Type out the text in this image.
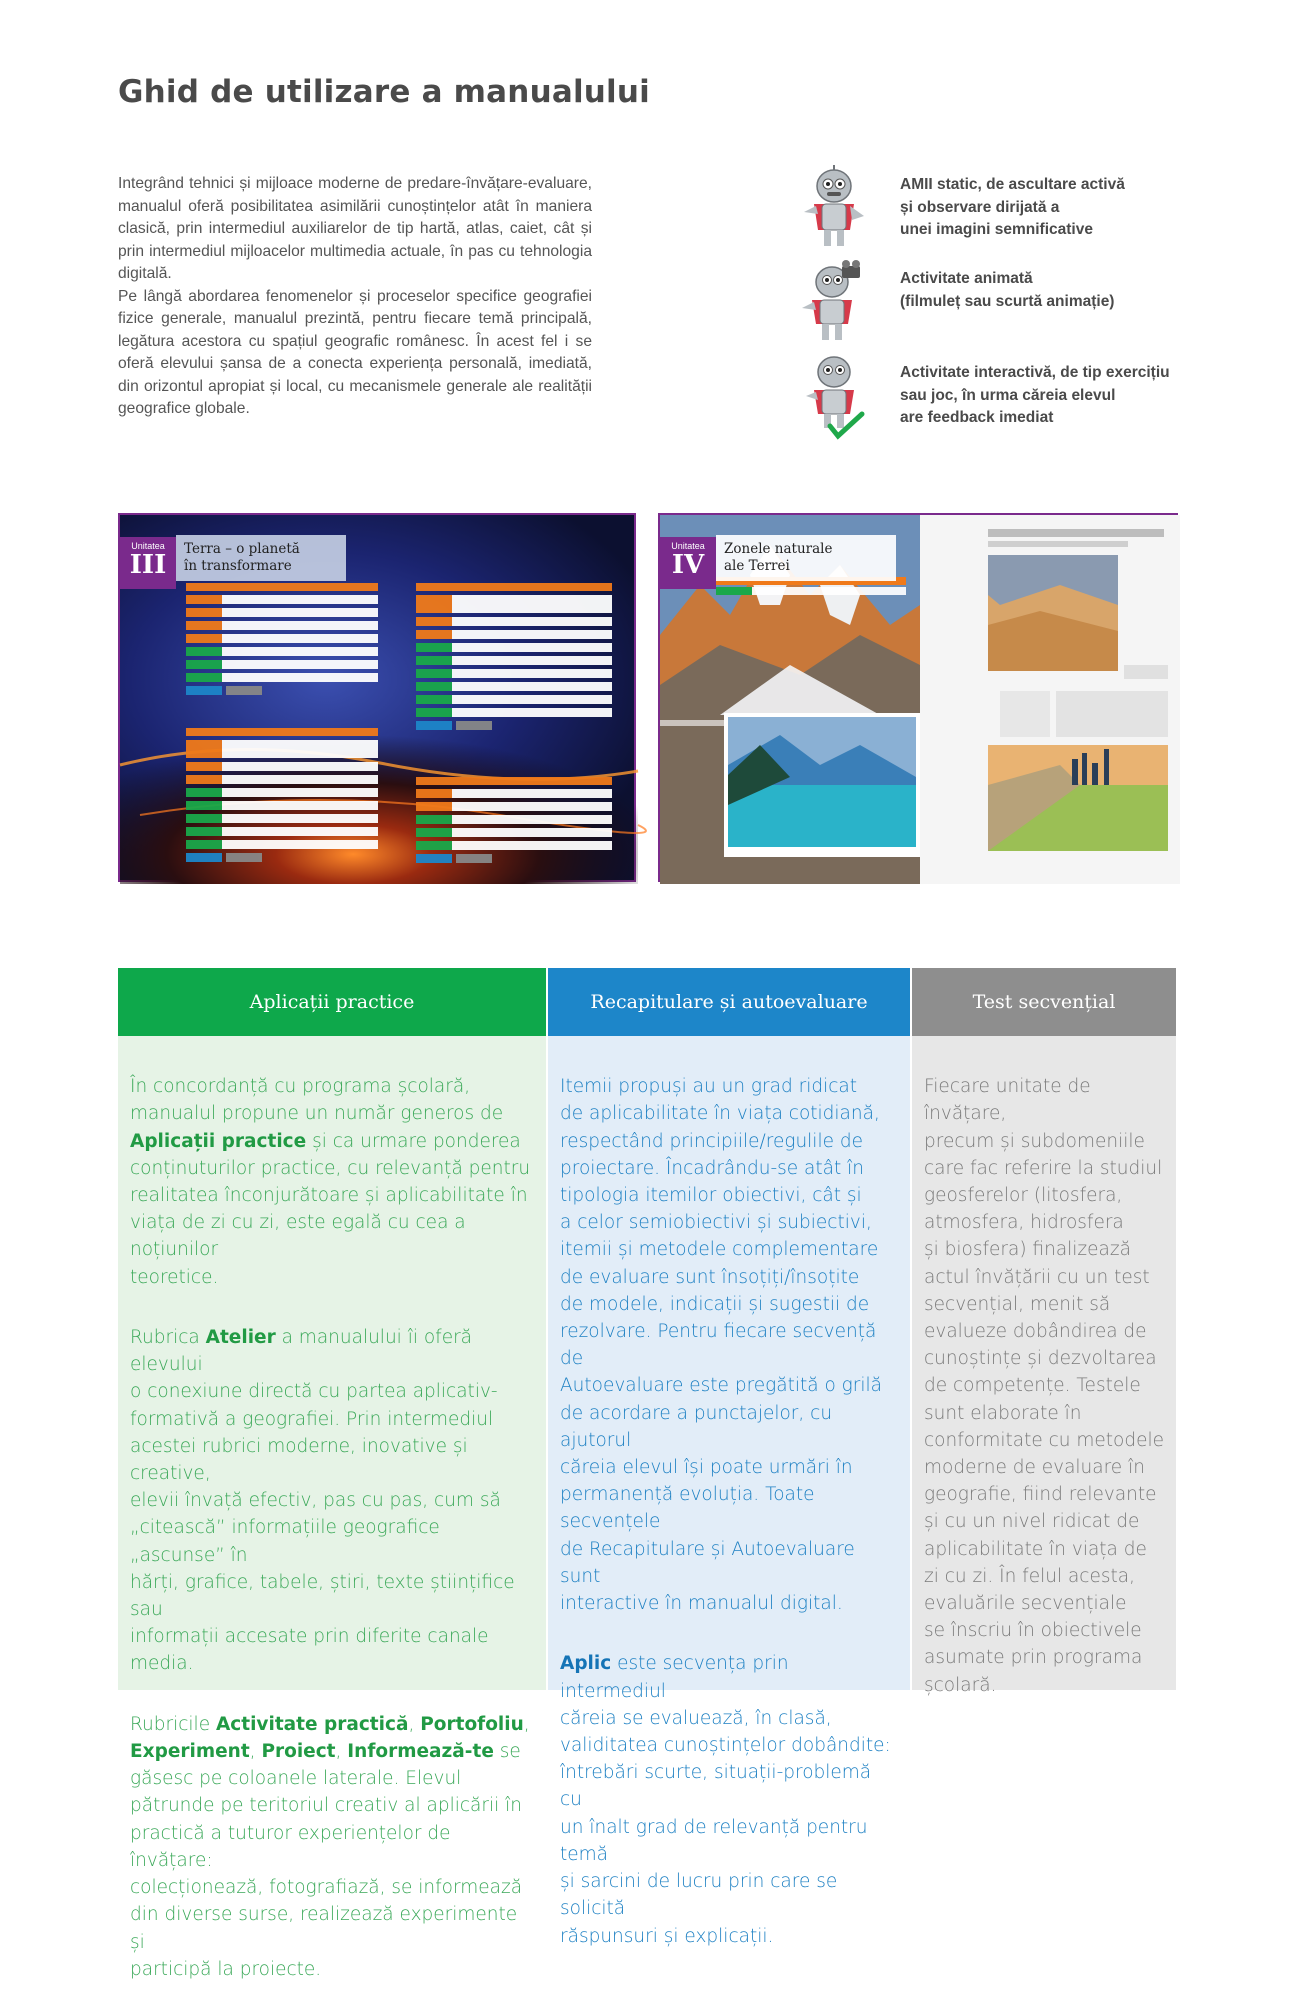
Ghid de utilizare a manualului

Integrând tehnici și mijloace moderne de predare-învățare-evaluare, manualul oferă posibilitatea asimilării cunoștințelor atât în maniera clasică, prin intermediul auxiliarelor de tip hartă, atlas, caiet, cât și prin intermediul mijloacelor multimedia actuale, în pas cu tehnologia digitală.

Pe lângă abordarea fenomenelor și proceselor specifice geografiei fizice generale, manualul prezintă, pentru fiecare temă principală, legătura acestora cu spațiul geografic românesc. În acest fel i se oferă elevului șansa de a conecta experiența personală, imediată, din orizontul apropiat și local, cu mecanismele generale ale realității geografice globale.

AMII static, de ascultare activă
și observare dirijată a
unei imagini semnificative
Activitate animată
(filmuleț sau scurtă animație)
Activitate interactivă, de tip exercițiu
sau joc, în urma căreia elevul
are feedback imediat
Unitatea
III
Terra – o planetă
în transformare
Unitatea
IV
Zonele naturale
ale Terrei
Aplicații practice

În concordanță cu programa școlară,
manualul propune un număr generos de
Aplicații practice și ca urmare ponderea
conținuturilor practice, cu relevanță pentru
realitatea înconjurătoare și aplicabilitate în
viața de zi cu zi, este egală cu cea a noțiunilor
teoretice.

Rubrica Atelier a manualului îi oferă elevului
o conexiune directă cu partea aplicativ-
formativă a geografiei. Prin intermediul
acestei rubrici moderne, inovative și creative,
elevii învață efectiv, pas cu pas, cum să
„citească” informațiile geografice „ascunse” în
hărți, grafice, tabele, știri, texte științifice sau
informații accesate prin diferite canale media.

Rubricile Activitate practică, Portofoliu,
Experiment, Proiect, Informează-te se
găsesc pe coloanele laterale. Elevul
pătrunde pe teritoriul creativ al aplicării în
practică a tuturor experiențelor de învățare:
colecționează, fotografiază, se informează
din diverse surse, realizează experimente și
participă la proiecte.

Recapitulare și autoevaluare

Itemii propuși au un grad ridicat
de aplicabilitate în viața cotidiană,
respectând principiile/regulile de
proiectare. Încadrându-se atât în
tipologia itemilor obiectivi, cât și
a celor semiobiectivi și subiectivi,
itemii și metodele complementare
de evaluare sunt însoțiți/însoțite
de modele, indicații și sugestii de
rezolvare. Pentru fiecare secvență de
Autoevaluare este pregătită o grilă
de acordare a punctajelor, cu ajutorul
căreia elevul își poate urmări în
permanență evoluția. Toate secvențele
de Recapitulare și Autoevaluare sunt
interactive în manualul digital.

Aplic este secvența prin intermediul
căreia se evaluează, în clasă,
validitatea cunoștințelor dobândite:
întrebări scurte, situații-problemă cu
un înalt grad de relevanță pentru temă
și sarcini de lucru prin care se solicită
răspunsuri și explicații.

Test secvențial

Fiecare unitate de învățare,
precum și subdomeniile
care fac referire la studiul
geosferelor (litosfera,
atmosfera, hidrosfera
și biosfera) finalizează
actul învățării cu un test
secvențial, menit să
evalueze dobândirea de
cunoștințe și dezvoltarea
de competențe. Testele
sunt elaborate în
conformitate cu metodele
moderne de evaluare în
geografie, fiind relevante
și cu un nivel ridicat de
aplicabilitate în viața de
zi cu zi. În felul acesta,
evaluările secvențiale
se înscriu în obiectivele
asumate prin programa
școlară.
